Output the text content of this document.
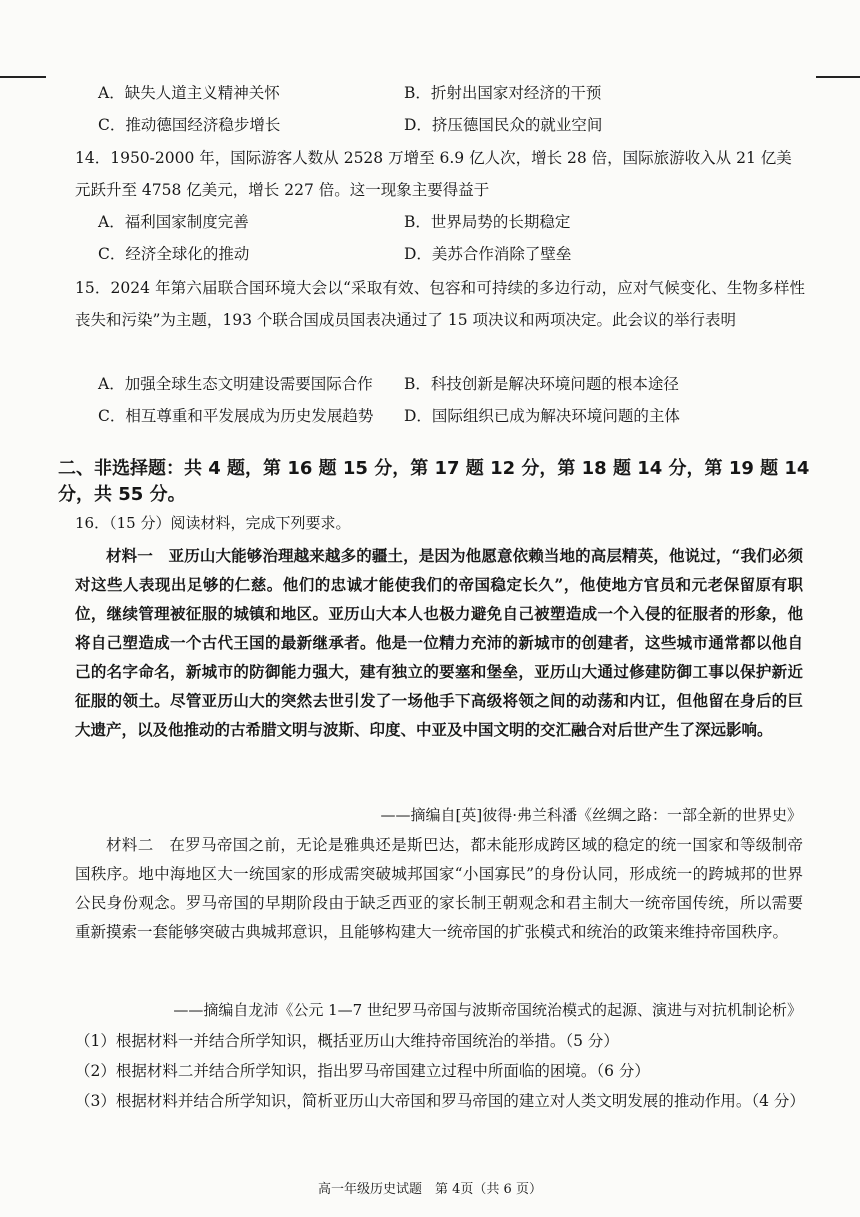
A．缺失人道主义精神关怀	B．折射出国家对经济的干预
C．推动德国经济稳步增长	D．挤压德国民众的就业空间
14．1950-2000 年，国际游客人数从 2528 万增至 6.9 亿人次，增长 28 倍，国际旅游收入从 21 亿美
元跃升至 4758 亿美元，增长 227 倍。这一现象主要得益于
A．福利国家制度完善	B．世界局势的长期稳定
C．经济全球化的推动	D．美苏合作消除了壁垒

15．2024 年第六届联合国环境大会以“采取有效、包容和可持续的多边行动，应对气候变化、生物多样性丧失和污染”为主题，193 个联合国成员国表决通过了 15 项决议和两项决定。此会议的举行表明

A．加强全球生态文明建设需要国际合作 B．科技创新是解决环境问题的根本途径
C．相互尊重和平发展成为历史发展趋势 D．国际组织已成为解决环境问题的主体
二、非选择题：共 4 题，第 16 题 15 分，第 17 题 12 分，第 18 题 14 分，第 19 题 14 分，共 55 分。
16．（15 分）阅读材料，完成下列要求。

材料一　亚历山大能够治理越来越多的疆土，是因为他愿意依赖当地的高层精英，他说过，“我们必须对这些人表现出足够的仁慈。他们的忠诚才能使我们的帝国稳定长久”，他使地方官员和元老保留原有职位，继续管理被征服的城镇和地区。亚历山大本人也极力避免自己被塑造成一个入侵的征服者的形象，他将自己塑造成一个古代王国的最新继承者。他是一位精力充沛的新城市的创建者，这些城市通常都以他自己的名字命名，新城市的防御能力强大，建有独立的要塞和堡垒，亚历山大通过修建防御工事以保护新近征服的领土。尽管亚历山大的突然去世引发了一场他手下高级将领之间的动荡和内讧，但他留在身后的巨大遗产，以及他推动的古希腊文明与波斯、印度、中亚及中国文明的交汇融合对后世产生了深远影响。

——摘编自[英]彼得·弗兰科潘《丝绸之路：一部全新的世界史》

材料二　在罗马帝国之前，无论是雅典还是斯巴达，都未能形成跨区域的稳定的统一国家和等级制帝国秩序。地中海地区大一统国家的形成需突破城邦国家“小国寡民”的身份认同，形成统一的跨城邦的世界公民身份观念。罗马帝国的早期阶段由于缺乏西亚的家长制王朝观念和君主制大一统帝国传统，所以需要重新摸索一套能够突破古典城邦意识，且能够构建大一统帝国的扩张模式和统治的政策来维持帝国秩序。

——摘编自龙沛《公元 1—7 世纪罗马帝国与波斯帝国统治模式的起源、演进与对抗机制论析》

（1）根据材料一并结合所学知识，概括亚历山大维持帝国统治的举措。（5 分）

（2）根据材料二并结合所学知识，指出罗马帝国建立过程中所面临的困境。（6 分）

（3）根据材料并结合所学知识，简析亚历山大帝国和罗马帝国的建立对人类文明发展的推动作用。（4 分）

高一年级历史试题　第 4页（共 6 页）
